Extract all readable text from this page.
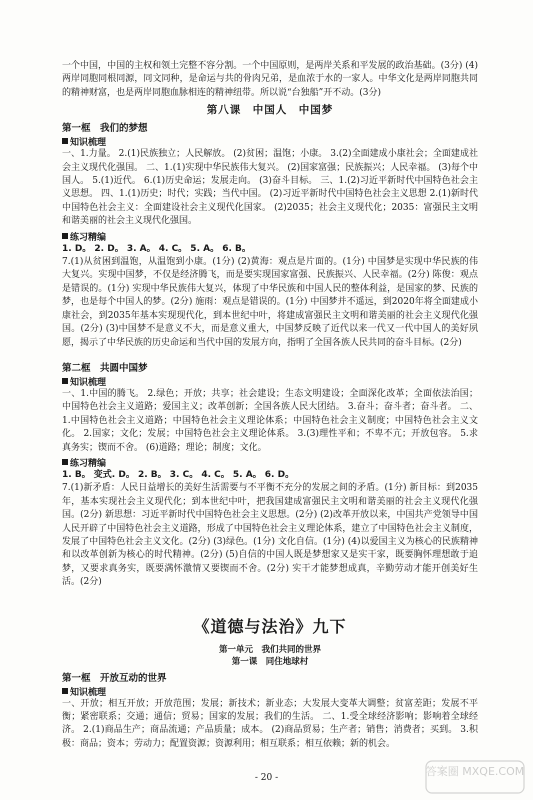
一个中国，中国的主权和领土完整不容分割。一个中国原则，是两岸关系和平发展的政治基础。(3分) (4)两岸同胞同根同源，同文同种，是命运与共的骨肉兄弟，是血浓于水的一家人。中华文化是两岸同胞共同的精神财富，也是两岸同胞血脉相连的精神纽带。所以说“台独船”开不动。(3分)

第八课　中国人　中国梦
第一框　我们的梦想
知识梳理

一、1.力量。 2.(1)民族独立；人民解放。 (2)贫困；温饱；小康。 3.(2)全面建成小康社会；全面建成社会主义现代化强国。 二、1.(1)实现中华民族伟大复兴。 (2)国家富强；民族振兴；人民幸福。 (3)每个中国人。 5.(1)近代。 6.(1)历史命运；发展走向。 (3)奋斗目标。 三、1.(2)习近平新时代中国特色社会主义思想。 四、1.(1)历史；时代；实践；当代中国。 (2)习近平新时代中国特色社会主义思想 2.(1)新时代中国特色社会主义：全面建设社会主义现代化国家。 (2)2035；社会主义现代化；2035：富强民主文明和谐美丽的社会主义现代化强国。

练习精编

1. D。 2. D。 3. A。 4. C。 5. A。 6. B。

7.(1)从贫困到温饱，从温饱到小康。(1分) (2)黄海：观点是片面的。(1分) 中国梦是实现中华民族的伟大复兴。实现中国梦，不仅是经济腾飞，而是要实现国家富强、民族振兴、人民幸福。(2分) 陈俊：观点是错误的。(1分) 实现中华民族伟大复兴，体现了中华民族和中国人民的整体利益，是国家的梦、民族的梦，也是每个中国人的梦。(2分) 施雨：观点是错误的。(1分) 中国梦并不遥远，到2020年将全面建成小康社会，到2035年基本实现现代化，到本世纪中叶，将建成富强民主文明和谐美丽的社会主义现代化强国。(2分) (3)中国梦不是意义不大，而是意义重大，中国梦反映了近代以来一代又一代中国人的美好夙愿，揭示了中华民族的历史命运和当代中国的发展方向，指明了全国各族人民共同的奋斗目标。(2分)

第二框　共圆中国梦
知识梳理

一、1.中国的腾飞。 2.绿色；开放；共享；社会建设；生态文明建设；全面深化改革；全面依法治国；中国特色社会主义道路；爱国主义；改革创新；全国各族人民大团结。 3.奋斗；奋斗者；奋斗者。 二、1.中国特色社会主义道路；中国特色社会主义理论体系；中国特色社会主义制度；中国特色社会主义文化。 2.国家；文化；发展；中国特色社会主义理论体系。 3.(3)理性平和；不卑不亢；开放包容。 5.求真务实；锲而不舍。 (6)道路；理论；制度；文化。

练习精编

1. B。 变式. D。 2. B。 3. C。 4. C。 5. A。 6. D。

7.(1)新矛盾：人民日益增长的美好生活需要与不平衡不充分的发展之间的矛盾。(1分) 新目标：到2035年，基本实现社会主义现代化；到本世纪中叶，把我国建成富强民主文明和谐美丽的社会主义现代化强国。(2分) 新思想：习近平新时代中国特色社会主义思想。(2分) (2)改革开放以来，中国共产党领导中国人民开辟了中国特色社会主义道路，形成了中国特色社会主义理论体系，建立了中国特色社会主义制度，发展了中国特色社会主义文化。(2分) (3)绿色。(1分) 文化自信。(1分) (4)以爱国主义为核心的民族精神和以改革创新为核心的时代精神。(2分) (5)自信的中国人既是梦想家又是实干家，既要胸怀理想敢于追梦，又要求真务实，既要满怀激情又要锲而不舍。(2分) 实干才能梦想成真，辛勤劳动才能开创美好生活。(2分)

《道德与法治》九下
第一单元　我们共同的世界
第一课　同住地球村
第一框　开放互动的世界
知识梳理

一、开放；相互开放；开放范围；发展；新技术；新业态；大发展大变革大调整；贫富差距；发展不平衡；紧密联系；交通；通信；贸易；国家的发展；我们的生活。 二、1.受全球经济影响；影响着全球经济。 2.(1)商品生产；商品流通；产品质量；成本。 (2)商品贸易；生产者；销售；消费者；买到。 3.积极：商品；资本；劳动力；配置资源；资源利用；相互联系；相互依赖；新的机会。

- 20 -	答案圈 MXQE.COM
